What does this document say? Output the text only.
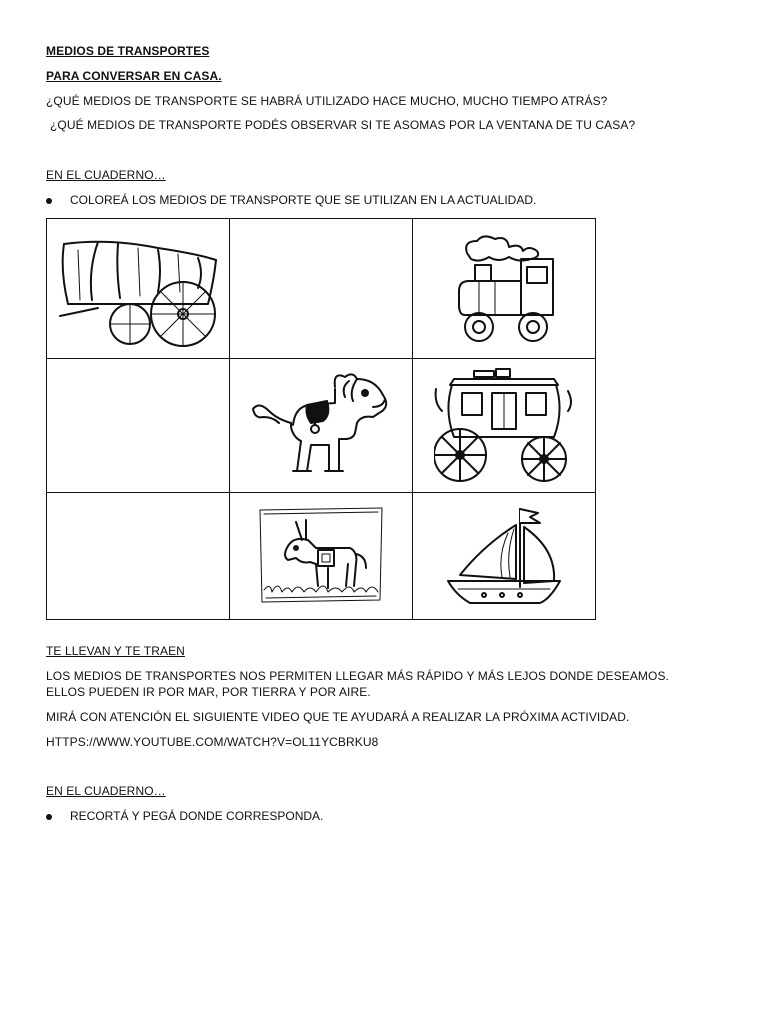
MEDIOS DE TRANSPORTES
PARA CONVERSAR EN CASA.
¿QUÉ MEDIOS DE TRANSPORTE SE HABRÁ UTILIZADO HACE MUCHO, MUCHO TIEMPO ATRÁS?
¿QUÉ MEDIOS DE TRANSPORTE PODÉS OBSERVAR SI TE ASOMAS POR LA VENTANA DE TU CASA?
EN EL CUADERNO…
COLOREÁ LOS MEDIOS DE TRANSPORTE QUE SE UTILIZAN EN LA ACTUALIDAD.

TE LLEVAN Y TE TRAEN
LOS MEDIOS DE TRANSPORTES NOS PERMITEN LLEGAR MÁS RÁPIDO Y MÁS LEJOS DONDE DESEAMOS.
ELLOS PUEDEN IR POR MAR, POR TIERRA Y POR AIRE.
MIRÁ CON ATENCIÓN EL SIGUIENTE VIDEO QUE TE AYUDARÁ A REALIZAR LA PRÓXIMA ACTIVIDAD.
HTTPS://WWW.YOUTUBE.COM/WATCH?V=OL11YCBRKU8
EN EL CUADERNO…
RECORTÁ Y PEGÁ DONDE CORRESPONDA.
